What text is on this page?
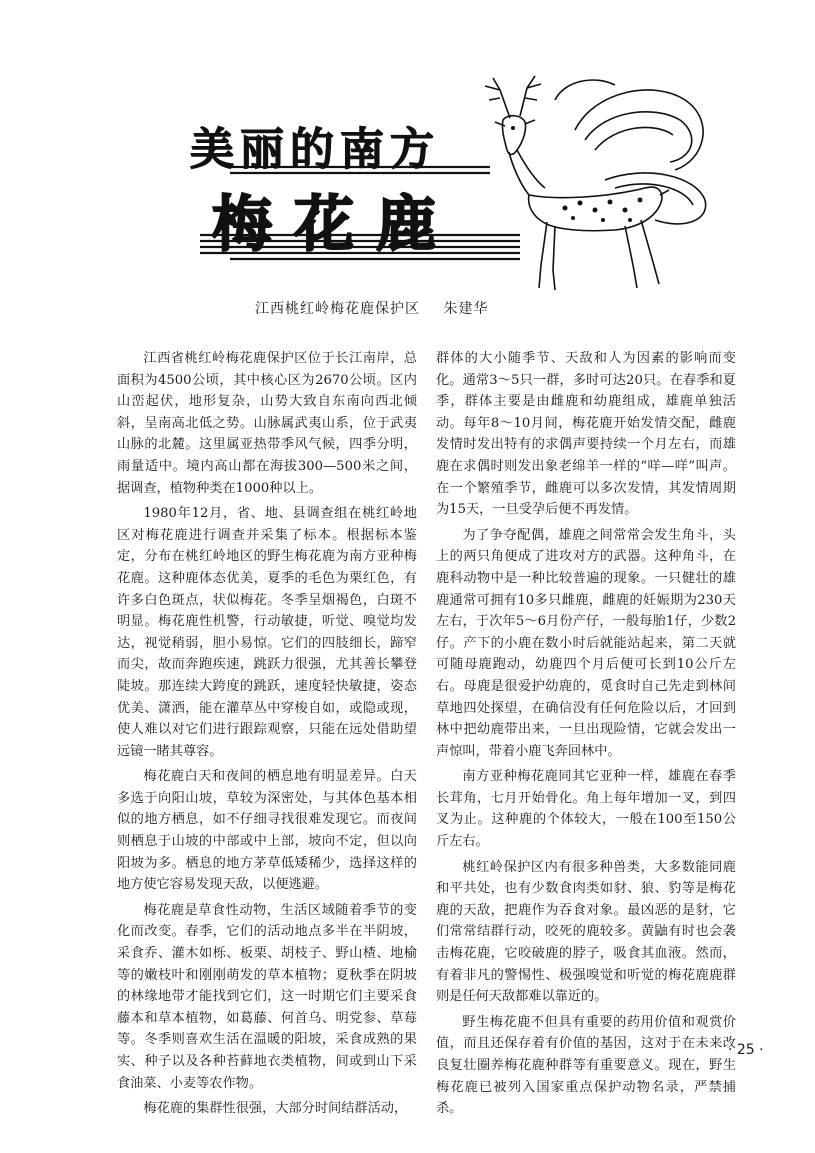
美丽的南方
梅花鹿
江西桃红岭梅花鹿保护区 朱建华

江西省桃红岭梅花鹿保护区位于长江南岸，总面积为4500公顷，其中核心区为2670公顷。区内山峦起伏，地形复杂，山势大致自东南向西北倾斜，呈南高北低之势。山脉属武夷山系，位于武夷山脉的北麓。这里属亚热带季风气候，四季分明，雨量适中。境内高山都在海拔300—500米之间，据调查，植物种类在1000种以上。

1980年12月，省、地、县调查组在桃红岭地区对梅花鹿进行调查并采集了标本。根据标本鉴定，分布在桃红岭地区的野生梅花鹿为南方亚种梅花鹿。这种鹿体态优美，夏季的毛色为栗红色，有许多白色斑点，状似梅花。冬季呈烟褐色，白斑不明显。梅花鹿性机警，行动敏捷，听觉、嗅觉均发达，视觉稍弱，胆小易惊。它们的四肢细长，蹄窄而尖，故而奔跑疾速，跳跃力很强，尤其善长攀登陡坡。那连续大跨度的跳跃，速度轻快敏捷，姿态优美、潇洒，能在灌草丛中穿梭自如，或隐或现，使人难以对它们进行跟踪观察，只能在远处借助望远镜一睹其尊容。

梅花鹿白天和夜间的栖息地有明显差异。白天多选于向阳山坡，草较为深密处，与其体色基本相似的地方栖息，如不仔细寻找很难发现它。而夜间则栖息于山坡的中部或中上部，坡向不定，但以向阳坡为多。栖息的地方茅草低矮稀少，选择这样的地方使它容易发现天敌，以便逃避。

梅花鹿是草食性动物，生活区域随着季节的变化而改变。春季，它们的活动地点多半在半阴坡，采食乔、灌木如栎、板栗、胡枝子、野山楂、地榆等的嫩枝叶和刚刚萌发的草本植物；夏秋季在阴坡的林缘地带才能找到它们，这一时期它们主要采食藤本和草本植物，如葛藤、何首乌、明党参、草莓等。冬季则喜欢生活在温暖的阳坡，采食成熟的果实、种子以及各种苔藓地衣类植物，间或到山下采食油菜、小麦等农作物。

梅花鹿的集群性很强，大部分时间结群活动，

群体的大小随季节、天敌和人为因素的影响而变化。通常3～5只一群，多时可达20只。在春季和夏季，群体主要是由雌鹿和幼鹿组成，雄鹿单独活动。每年8～10月间，梅花鹿开始发情交配，雌鹿发情时发出特有的求偶声要持续一个月左右，而雄鹿在求偶时则发出象老绵羊一样的“咩—咩”叫声。在一个繁殖季节，雌鹿可以多次发情，其发情周期为15天，一旦受孕后便不再发情。

为了争夺配偶，雄鹿之间常常会发生角斗，头上的两只角便成了进攻对方的武器。这种角斗，在鹿科动物中是一种比较普遍的现象。一只健壮的雄鹿通常可拥有10多只雌鹿，雌鹿的妊娠期为230天左右，于次年5～6月份产仔，一般每胎1仔，少数2仔。产下的小鹿在数小时后就能站起来，第二天就可随母鹿跑动，幼鹿四个月后便可长到10公斤左右。母鹿是很爱护幼鹿的，觅食时自己先走到林间草地四处探望，在确信没有任何危险以后，才回到林中把幼鹿带出来，一旦出现险情，它就会发出一声惊叫，带着小鹿飞奔回林中。

南方亚种梅花鹿同其它亚种一样，雄鹿在春季长茸角，七月开始骨化。角上每年增加一叉，到四叉为止。这种鹿的个体较大，一般在100至150公斤左右。

桃红岭保护区内有很多种兽类，大多数能同鹿和平共处，也有少数食肉类如豺、狼、豹等是梅花鹿的天敌，把鹿作为吞食对象。最凶恶的是豺，它们常常结群行动，咬死的鹿较多。黄鼬有时也会袭击梅花鹿，它咬破鹿的脖子，吸食其血液。然而，有着非凡的警惕性、极强嗅觉和听觉的梅花鹿鹿群则是任何天敌都难以靠近的。

野生梅花鹿不但具有重要的药用价值和观赏价值，而且还保存着有价值的基因，这对于在未来改良复壮圈养梅花鹿种群等有重要意义。现在，野生梅花鹿已被列入国家重点保护动物名录，严禁捕杀。

· 25 ·
